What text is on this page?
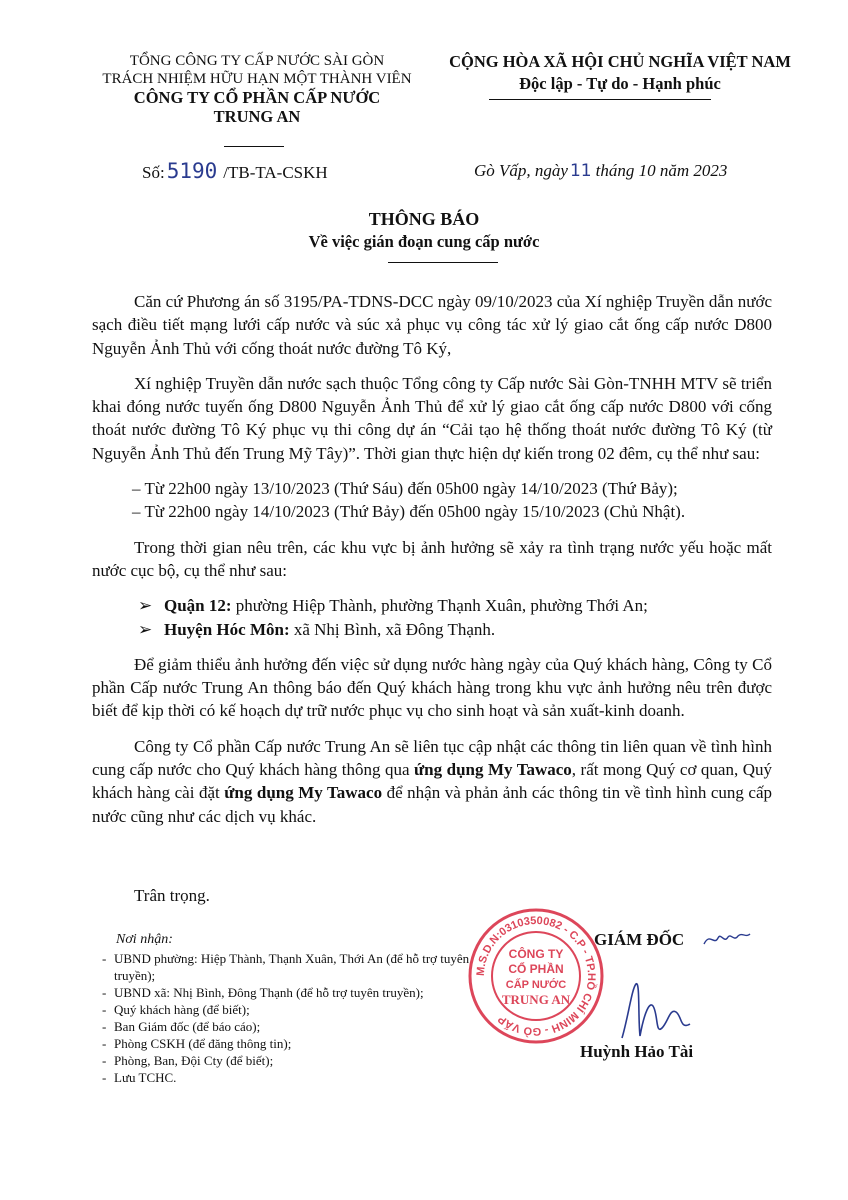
TỔNG CÔNG TY CẤP NƯỚC SÀI GÒN
TRÁCH NHIỆM HỮU HẠN MỘT THÀNH VIÊN
CÔNG TY CỔ PHẦN CẤP NƯỚC
TRUNG AN
CỘNG HÒA XÃ HỘI CHỦ NGHĨA VIỆT NAM
Độc lập - Tự do - Hạnh phúc
Số:5190 /TB-TA-CSKH	Gò Vấp, ngày 11 tháng 10 năm 2023
THÔNG BÁO
Về việc gián đoạn cung cấp nước

Căn cứ Phương án số 3195/PA-TDNS-DCC ngày 09/10/2023 của Xí nghiệp Truyền dẫn nước sạch điều tiết mạng lưới cấp nước và súc xả phục vụ công tác xử lý giao cắt ống cấp nước D800 Nguyễn Ảnh Thủ với cống thoát nước đường Tô Ký,

Xí nghiệp Truyền dẫn nước sạch thuộc Tổng công ty Cấp nước Sài Gòn-TNHH MTV sẽ triển khai đóng nước tuyến ống D800 Nguyễn Ảnh Thủ để xử lý giao cắt ống cấp nước D800 với cống thoát nước đường Tô Ký phục vụ thi công dự án “Cải tạo hệ thống thoát nước đường Tô Ký (từ Nguyễn Ảnh Thủ đến Trung Mỹ Tây)”. Thời gian thực hiện dự kiến trong 02 đêm, cụ thể như sau:

– Từ 22h00 ngày 13/10/2023 (Thứ Sáu) đến 05h00 ngày 14/10/2023 (Thứ Bảy);
– Từ 22h00 ngày 14/10/2023 (Thứ Bảy) đến 05h00 ngày 15/10/2023 (Chủ Nhật).

Trong thời gian nêu trên, các khu vực bị ảnh hưởng sẽ xảy ra tình trạng nước yếu hoặc mất nước cục bộ, cụ thể như sau:

➢ Quận 12: phường Hiệp Thành, phường Thạnh Xuân, phường Thới An;
➢ Huyện Hóc Môn: xã Nhị Bình, xã Đông Thạnh.

Để giảm thiểu ảnh hưởng đến việc sử dụng nước hàng ngày của Quý khách hàng, Công ty Cổ phần Cấp nước Trung An thông báo đến Quý khách hàng trong khu vực ảnh hưởng nêu trên được biết để kịp thời có kế hoạch dự trữ nước phục vụ cho sinh hoạt và sản xuất-kinh doanh.

Công ty Cổ phần Cấp nước Trung An sẽ liên tục cập nhật các thông tin liên quan về tình hình cung cấp nước cho Quý khách hàng thông qua ứng dụng My Tawaco, rất mong Quý cơ quan, Quý khách hàng cài đặt ứng dụng My Tawaco để nhận và phản ảnh các thông tin về tình hình cung cấp nước cũng như các dịch vụ khác.

Trân trọng.
Nơi nhận:
- UBND phường: Hiệp Thành, Thạnh Xuân, Thới An (để hỗ trợ tuyên truyền);
- UBND xã: Nhị Bình, Đông Thạnh (để hỗ trợ tuyên truyền);
- Quý khách hàng (để biết);
- Ban Giám đốc (để báo cáo);
- Phòng CSKH (để đăng thông tin);
- Phòng, Ban, Đội Cty (để biết);
- Lưu TCHC.
M.S.D.N:0310350082 - C.P - TP.HỒ CHÍ MINH - GÒ VẤP
CÔNG TY
CỔ PHẦN
CẤP NƯỚC
TRUNG AN
GIÁM ĐỐC
Huỳnh Hảo Tài
